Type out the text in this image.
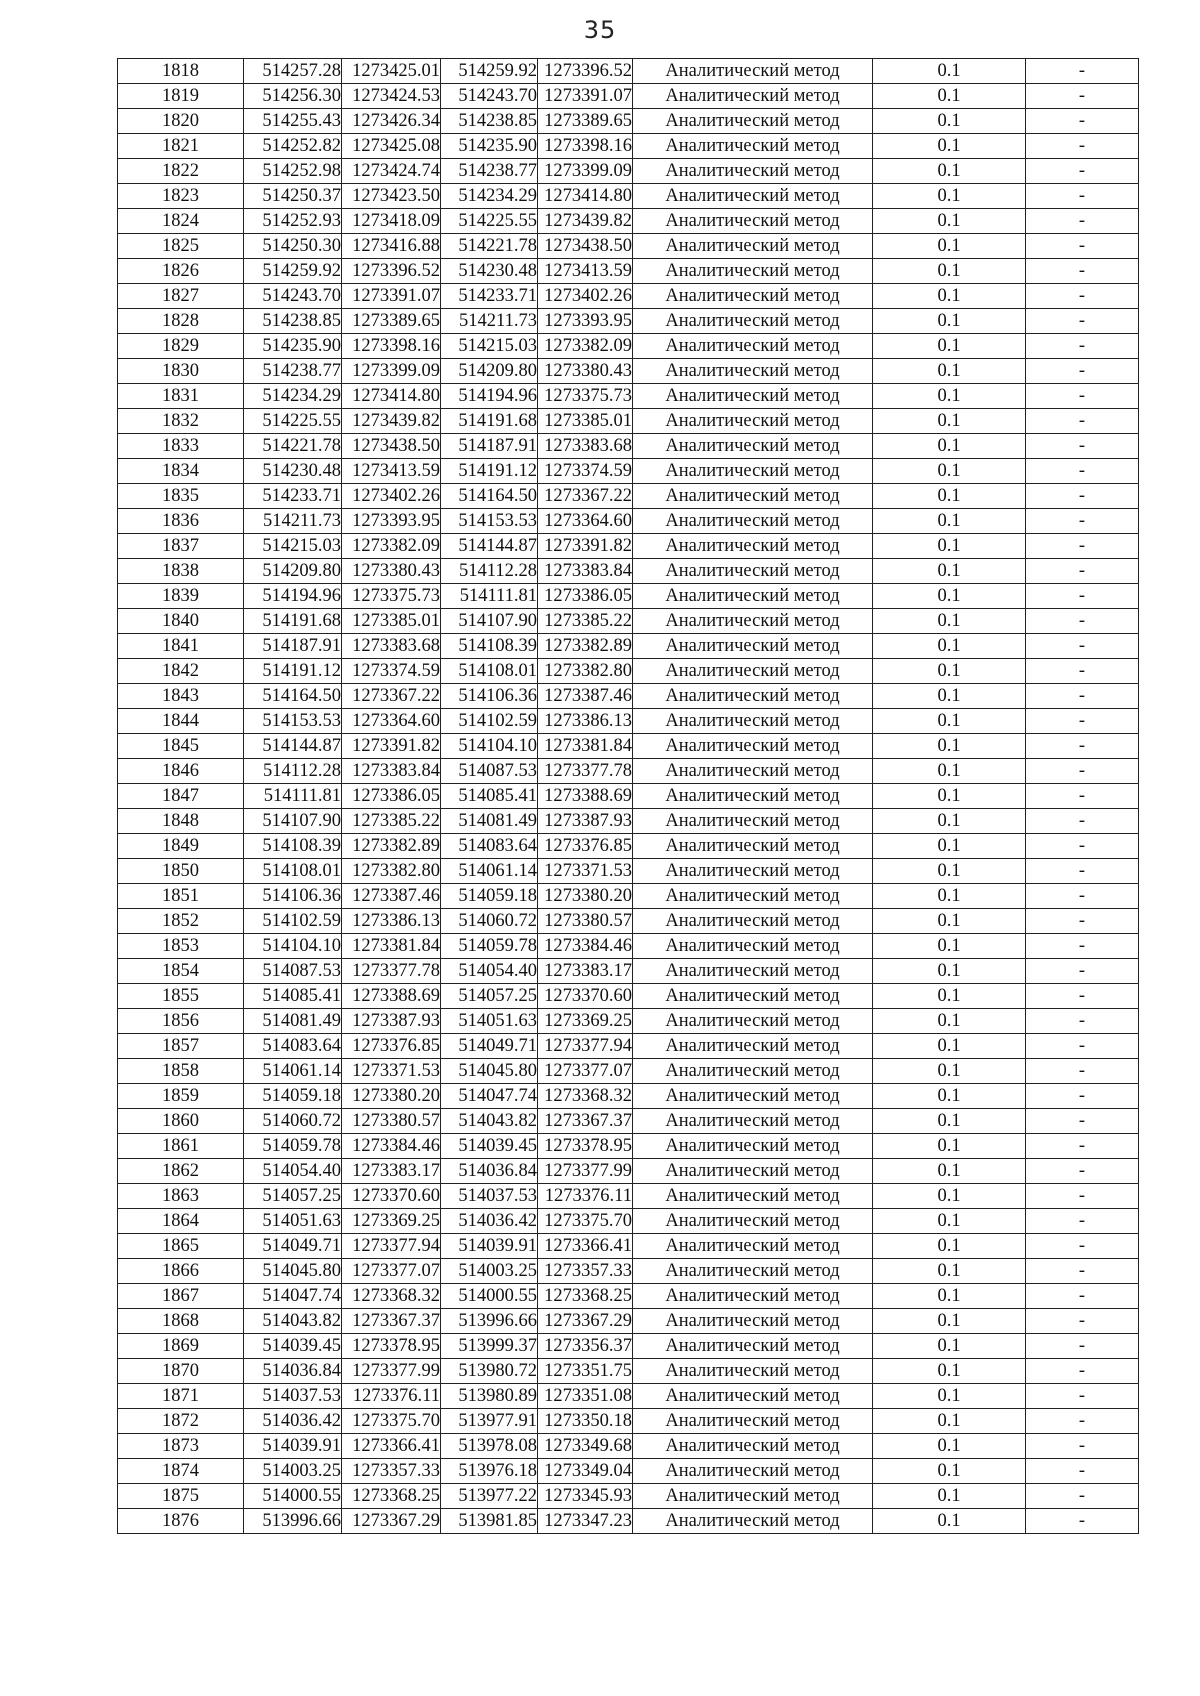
35
1818	514257.28	1273425.01	514259.92	1273396.52	Аналитический метод	0.1	-
1819	514256.30	1273424.53	514243.70	1273391.07	Аналитический метод	0.1	-
1820	514255.43	1273426.34	514238.85	1273389.65	Аналитический метод	0.1	-
1821	514252.82	1273425.08	514235.90	1273398.16	Аналитический метод	0.1	-
1822	514252.98	1273424.74	514238.77	1273399.09	Аналитический метод	0.1	-
1823	514250.37	1273423.50	514234.29	1273414.80	Аналитический метод	0.1	-
1824	514252.93	1273418.09	514225.55	1273439.82	Аналитический метод	0.1	-
1825	514250.30	1273416.88	514221.78	1273438.50	Аналитический метод	0.1	-
1826	514259.92	1273396.52	514230.48	1273413.59	Аналитический метод	0.1	-
1827	514243.70	1273391.07	514233.71	1273402.26	Аналитический метод	0.1	-
1828	514238.85	1273389.65	514211.73	1273393.95	Аналитический метод	0.1	-
1829	514235.90	1273398.16	514215.03	1273382.09	Аналитический метод	0.1	-
1830	514238.77	1273399.09	514209.80	1273380.43	Аналитический метод	0.1	-
1831	514234.29	1273414.80	514194.96	1273375.73	Аналитический метод	0.1	-
1832	514225.55	1273439.82	514191.68	1273385.01	Аналитический метод	0.1	-
1833	514221.78	1273438.50	514187.91	1273383.68	Аналитический метод	0.1	-
1834	514230.48	1273413.59	514191.12	1273374.59	Аналитический метод	0.1	-
1835	514233.71	1273402.26	514164.50	1273367.22	Аналитический метод	0.1	-
1836	514211.73	1273393.95	514153.53	1273364.60	Аналитический метод	0.1	-
1837	514215.03	1273382.09	514144.87	1273391.82	Аналитический метод	0.1	-
1838	514209.80	1273380.43	514112.28	1273383.84	Аналитический метод	0.1	-
1839	514194.96	1273375.73	514111.81	1273386.05	Аналитический метод	0.1	-
1840	514191.68	1273385.01	514107.90	1273385.22	Аналитический метод	0.1	-
1841	514187.91	1273383.68	514108.39	1273382.89	Аналитический метод	0.1	-
1842	514191.12	1273374.59	514108.01	1273382.80	Аналитический метод	0.1	-
1843	514164.50	1273367.22	514106.36	1273387.46	Аналитический метод	0.1	-
1844	514153.53	1273364.60	514102.59	1273386.13	Аналитический метод	0.1	-
1845	514144.87	1273391.82	514104.10	1273381.84	Аналитический метод	0.1	-
1846	514112.28	1273383.84	514087.53	1273377.78	Аналитический метод	0.1	-
1847	514111.81	1273386.05	514085.41	1273388.69	Аналитический метод	0.1	-
1848	514107.90	1273385.22	514081.49	1273387.93	Аналитический метод	0.1	-
1849	514108.39	1273382.89	514083.64	1273376.85	Аналитический метод	0.1	-
1850	514108.01	1273382.80	514061.14	1273371.53	Аналитический метод	0.1	-
1851	514106.36	1273387.46	514059.18	1273380.20	Аналитический метод	0.1	-
1852	514102.59	1273386.13	514060.72	1273380.57	Аналитический метод	0.1	-
1853	514104.10	1273381.84	514059.78	1273384.46	Аналитический метод	0.1	-
1854	514087.53	1273377.78	514054.40	1273383.17	Аналитический метод	0.1	-
1855	514085.41	1273388.69	514057.25	1273370.60	Аналитический метод	0.1	-
1856	514081.49	1273387.93	514051.63	1273369.25	Аналитический метод	0.1	-
1857	514083.64	1273376.85	514049.71	1273377.94	Аналитический метод	0.1	-
1858	514061.14	1273371.53	514045.80	1273377.07	Аналитический метод	0.1	-
1859	514059.18	1273380.20	514047.74	1273368.32	Аналитический метод	0.1	-
1860	514060.72	1273380.57	514043.82	1273367.37	Аналитический метод	0.1	-
1861	514059.78	1273384.46	514039.45	1273378.95	Аналитический метод	0.1	-
1862	514054.40	1273383.17	514036.84	1273377.99	Аналитический метод	0.1	-
1863	514057.25	1273370.60	514037.53	1273376.11	Аналитический метод	0.1	-
1864	514051.63	1273369.25	514036.42	1273375.70	Аналитический метод	0.1	-
1865	514049.71	1273377.94	514039.91	1273366.41	Аналитический метод	0.1	-
1866	514045.80	1273377.07	514003.25	1273357.33	Аналитический метод	0.1	-
1867	514047.74	1273368.32	514000.55	1273368.25	Аналитический метод	0.1	-
1868	514043.82	1273367.37	513996.66	1273367.29	Аналитический метод	0.1	-
1869	514039.45	1273378.95	513999.37	1273356.37	Аналитический метод	0.1	-
1870	514036.84	1273377.99	513980.72	1273351.75	Аналитический метод	0.1	-
1871	514037.53	1273376.11	513980.89	1273351.08	Аналитический метод	0.1	-
1872	514036.42	1273375.70	513977.91	1273350.18	Аналитический метод	0.1	-
1873	514039.91	1273366.41	513978.08	1273349.68	Аналитический метод	0.1	-
1874	514003.25	1273357.33	513976.18	1273349.04	Аналитический метод	0.1	-
1875	514000.55	1273368.25	513977.22	1273345.93	Аналитический метод	0.1	-
1876	513996.66	1273367.29	513981.85	1273347.23	Аналитический метод	0.1	-
